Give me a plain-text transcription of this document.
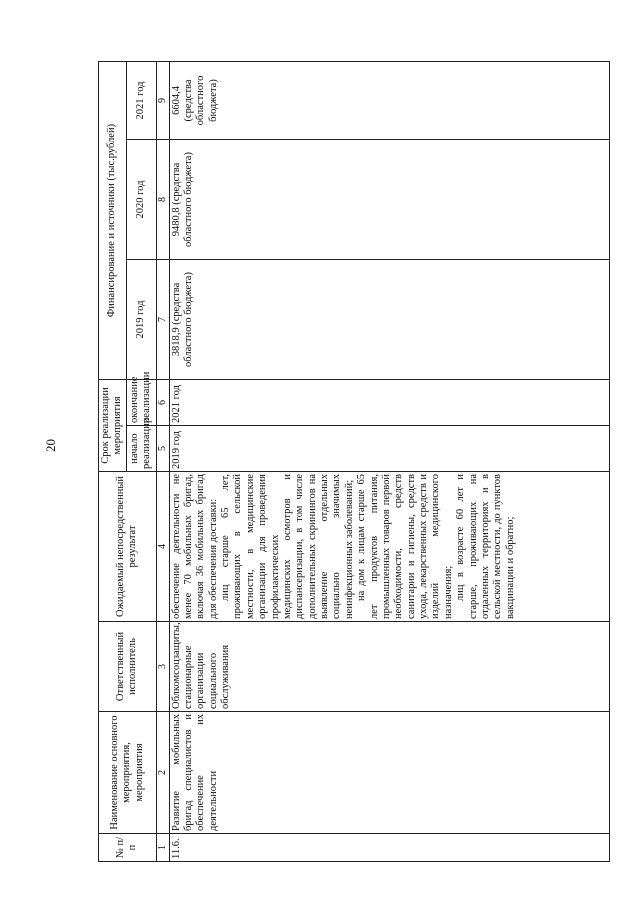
20
№ п/п	Наименование основного мероприятия, мероприятия	Ответственный исполнитель	Ожидаемый непосредственный результат	Срок реализации мероприятия		Финансирование и источники (тыс.рублей)		
				начало реализации	окончание реализации	2019 год	2020 год	2021 год

1	2	3	4	5	6	7	8	9
11.6.	Развитие мобильных бригад специалистов и обеспечение их деятельности	Облкомсоцзащиты, стационарные организации социального обслуживания	обеспечение деятельности не менее 70 мобильных бригад, включая 36 мобильных бригад для обеспечения доставки: лиц старше 65 лет, проживающих в сельской местности, в медицинские организации для проведения профилактических медицинских осмотров и диспансеризации, в том числе дополнительных скринингов на выявление отдельных социально значимых неинфекционных заболеваний; на дом к лицам старше 65 лет продуктов питания, промышленных товаров первой необходимости, средств санитарии и гигиены, средств ухода, лекарственных средств и изделий медицинского назначения; лиц в возрасте 60 лет и старше, проживающих на отдаленных территориях и в сельской местности, до пунктов вакцинации и обратно;	2019 год	2021 год	3818,9 (средства областного бюджета)	9480,8 (средства областного бюджета)	6604,4 (средства областного бюджета)
